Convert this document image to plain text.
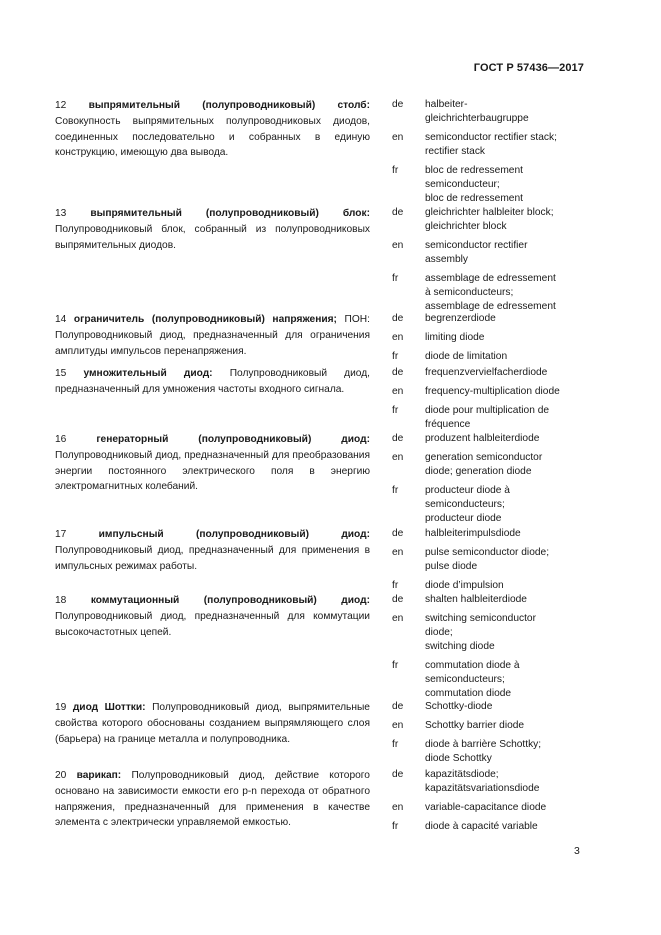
ГОСТ Р 57436—2017
12 выпрямительный (полупроводниковый) столб: Совокупность выпрямительных полупроводниковых диодов, соединенных последовательно и собранных в единую конструкцию, имеющую два вывода.
de	halbeiter-
gleichrichterbaugruppe
en	semiconductor rectifier stack;
rectifier stack
fr	bloc de redressement
semiconducteur;
bloc de redressement
13 выпрямительный (полупроводниковый) блок: Полупроводниковый блок, собранный из полупроводниковых выпрямительных диодов.
de	gleichrichter halbleiter block;
gleichrichter block
en	semiconductor rectifier
assembly
fr	assemblage de edressement
à semiconducteurs;
assemblage de edressement
14 ограничитель (полупроводниковый) напряжения; ПОН: Полупроводниковый диод, предназначенный для ограничения амплитуды импульсов перенапряжения.
de	begrenzerdiode
en	limiting diode
fr	diode de limitation
15 умножительный диод: Полупроводниковый диод, предназначенный для умножения частоты входного сигнала.
de	frequenzvervielfacherdiode
en	frequency-multiplication diode
fr	diode pour multiplication de
fréquence
16	генераторный (полупроводниковый) диод: Полупроводниковый диод, предназначенный для преобразования энергии постоянного электрического поля в энергию электромагнитных колебаний.
de	produzent halbleiterdiode
en	generation semiconductor
diode; generation diode
fr	producteur diode à
semiconducteurs;
producteur diode
17	импульсный (полупроводниковый) диод: Полупроводниковый диод, предназначенный для применения в импульсных режимах работы.
de	halbleiterimpulsdiode
en	pulse semiconductor diode;
pulse diode
fr	diode d’impulsion
18 коммутационный (полупроводниковый) диод: Полупроводниковый диод, предназначенный для коммутации высокочастотных цепей.
de	shalten halbleiterdiode
en	switching semiconductor
diode;
switching diode
fr	commutation diode à
semiconducteurs;
commutation diode
19 диод Шоттки: Полупроводниковый диод, выпрямительные свойства которого обоснованы созданием выпрямляющего слоя (барьера) на границе металла и полупроводника.
de	Schottky-diode
en	Schottky barrier diode
fr	diode à barrière Schottky;
diode Schottky
20 варикап: Полупроводниковый диод, действие которого основано на зависимости емкости его p-n перехода от обратного напряжения, предназначенный для применения в качестве элемента с электрически управляемой емкостью.
de	kapazitätsdiode;
kapazitätsvariationsdiode
en	variable-capacitance diode
fr	diode à capacité variable
3
